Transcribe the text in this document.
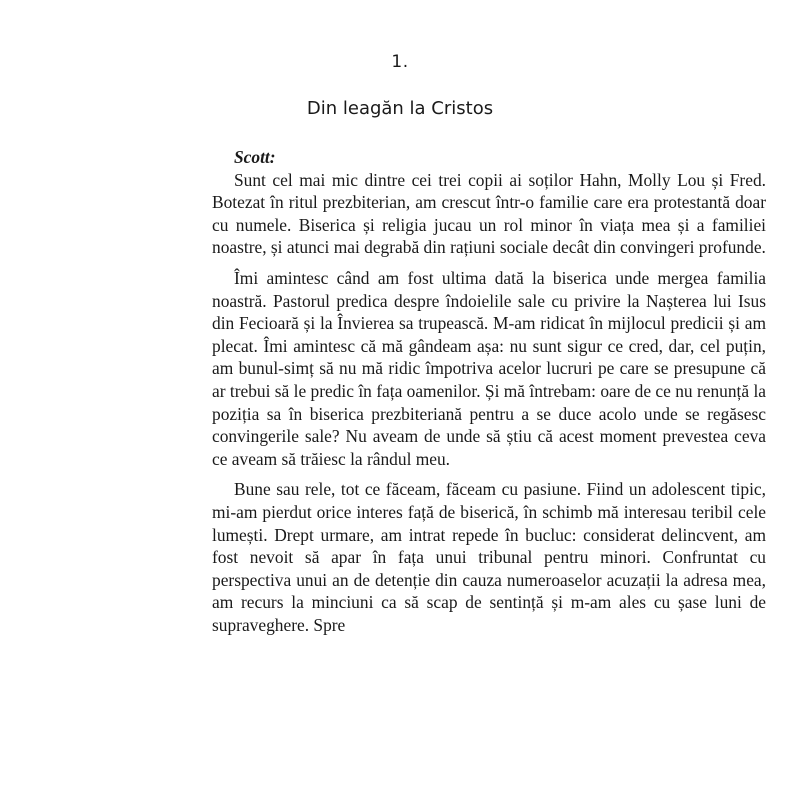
1.
Din leagăn la Cristos

Scott:

Sunt cel mai mic dintre cei trei copii ai soților Hahn, Molly Lou și Fred. Botezat în ritul prezbiterian, am crescut într-o familie care era protestantă doar cu numele. Biserica și religia jucau un rol minor în viața mea și a familiei noastre, și atunci mai degrabă din rațiuni sociale decât din convingeri profunde.

Îmi amintesc când am fost ultima dată la biserica unde mergea familia noastră. Pastorul predica despre îndoielile sale cu privire la Nașterea lui Isus din Fecioară și la Învierea sa trupească. M-am ridicat în mijlocul predicii și am plecat. Îmi amintesc că mă gândeam așa: nu sunt sigur ce cred, dar, cel puțin, am bunul-simț să nu mă ridic împotriva acelor lucruri pe care se presupune că ar trebui să le predic în fața oamenilor. Și mă întrebam: oare de ce nu renunță la poziția sa în biserica prezbiteriană pentru a se duce acolo unde se regăsesc convingerile sale? Nu aveam de unde să știu că acest moment prevestea ceva ce aveam să trăiesc la rândul meu.

Bune sau rele, tot ce făceam, făceam cu pasiune. Fiind un adolescent tipic, mi-am pierdut orice interes față de biserică, în schimb mă interesau teribil cele lumești. Drept urmare, am intrat repede în bucluc: considerat delincvent, am fost nevoit să apar în fața unui tribunal pentru minori. Confruntat cu perspectiva unui an de detenție din cauza numeroaselor acuzații la adresa mea, am recurs la minciuni ca să scap de sentință și m-am ales cu șase luni de supraveghere. Spre
